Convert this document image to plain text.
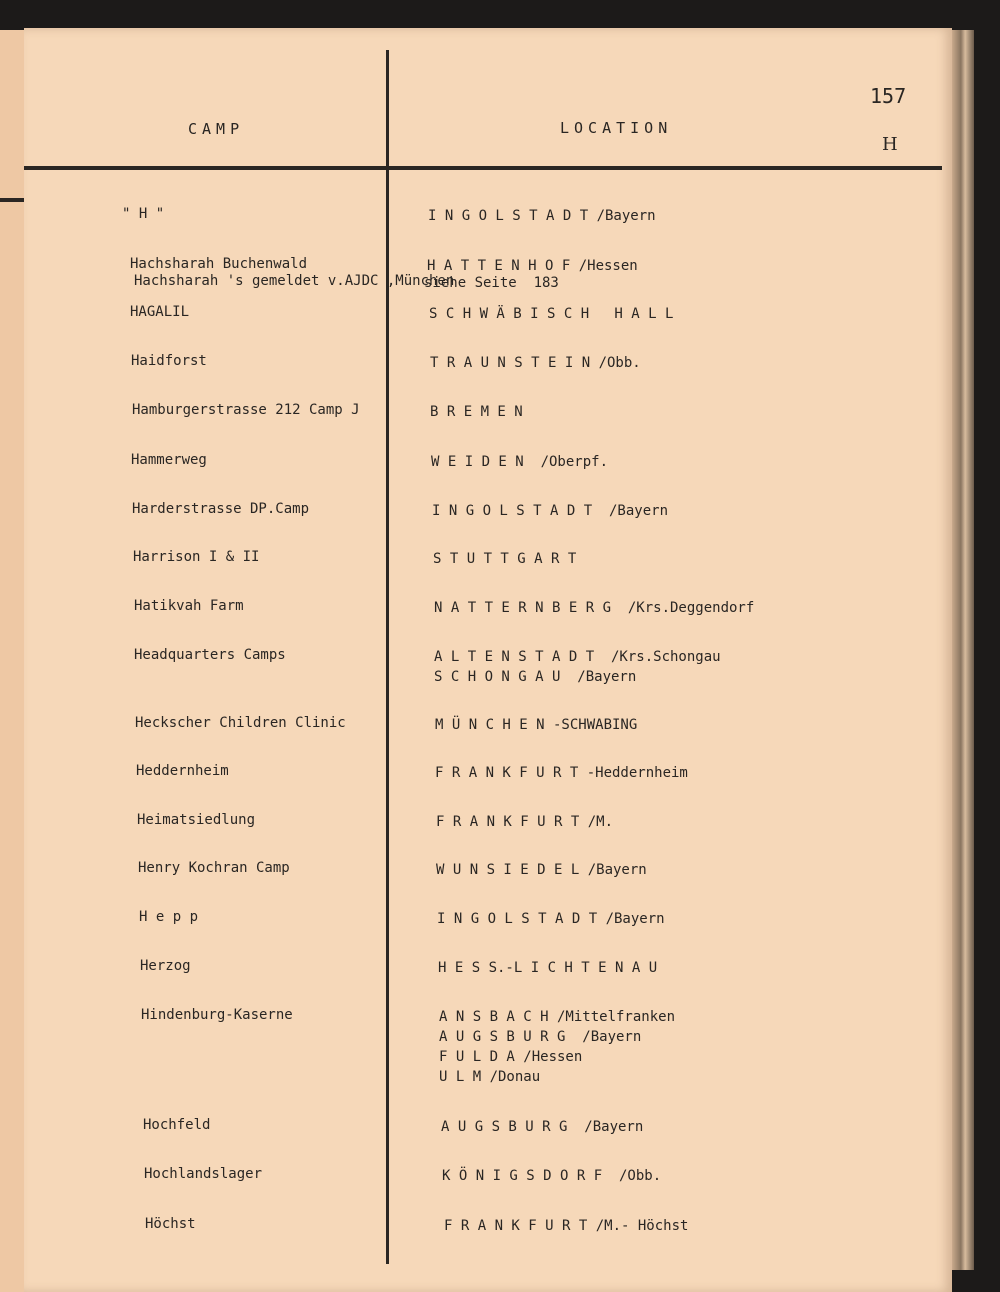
CAMP	LOCATION
157
H
" H "	I N G O L S T A D T /Bayern
Hachsharah Buchenwald	H A T T E N H O F /Hessen
Hachsharah 's gemeldet v.AJDC ,München
siehe Seite  183
HAGALIL	S C H W Ä B I S C H   H A L L
Haidforst	T R A U N S T E I N /Obb.
Hamburgerstrasse 212 Camp J	B R E M E N
Hammerweg	W E I D E N  /Oberpf.
Harderstrasse DP.Camp	I N G O L S T A D T  /Bayern
Harrison I & II	S T U T T G A R T
Hatikvah Farm	N A T T E R N B E R G  /Krs.Deggendorf
Headquarters Camps	A L T E N S T A D T  /Krs.Schongau
S C H O N G A U  /Bayern
Heckscher Children Clinic	M Ü N C H E N -SCHWABING
Heddernheim	F R A N K F U R T -Heddernheim
Heimatsiedlung	F R A N K F U R T /M.
Henry Kochran Camp	W U N S I E D E L /Bayern
H e p p	I N G O L S T A D T /Bayern
Herzog	H E S S.-L I C H T E N A U
Hindenburg-Kaserne	A N S B A C H /Mittelfranken
A U G S B U R G  /Bayern
F U L D A /Hessen
U L M /Donau
Hochfeld	A U G S B U R G  /Bayern
Hochlandslager	K Ö N I G S D O R F  /Obb.
Höchst	F R A N K F U R T /M.- Höchst
